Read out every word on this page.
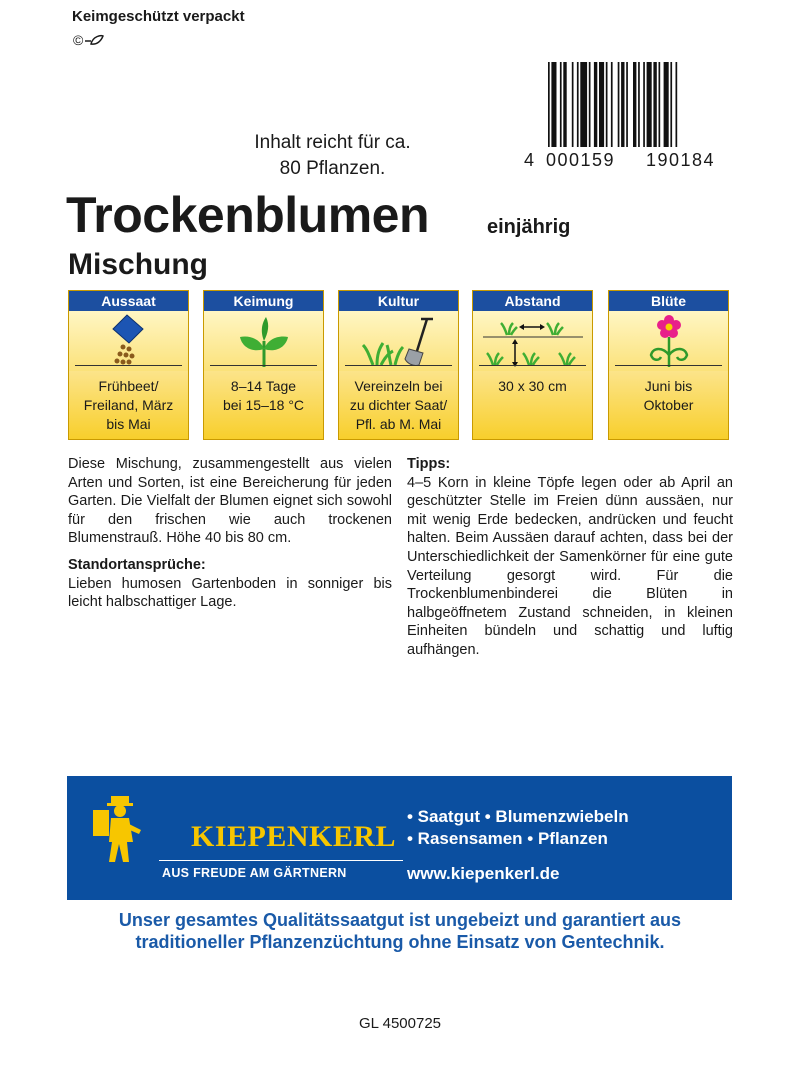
Keimgeschützt verpackt
©
4 000159	190184
Inhalt reicht für ca.
80 Pflanzen.
Trockenblumen	einjährig
Mischung
Aussaat
Frühbeet/
Freiland, März
bis Mai
Keimung
8–14 Tage
bei 15–18 °C
Kultur
Vereinzeln bei
zu dichter Saat/
Pfl. ab M. Mai
Abstand
30 x 30 cm
Blüte
Juni bis
Oktober
Diese Mischung, zusammengestellt aus vielen Arten und Sorten, ist eine Bereicherung für jeden Garten. Die Vielfalt der Blumen eignet sich sowohl für den frischen wie auch trockenen Blumenstrauß. Höhe 40 bis 80 cm.
Standortansprüche:
Lieben humosen Gartenboden in sonniger bis leicht halbschattiger Lage.
Tipps:
4–5 Korn in kleine Töpfe legen oder ab April an geschützter Stelle im Freien dünn aussäen, nur mit wenig Erde bedecken, andrücken und feucht halten. Beim Aussäen darauf achten, dass bei der Unterschiedlichkeit der Samenkörner für eine gute Verteilung gesorgt wird. Für die Trockenblumenbinderei die Blüten in halbgeöffnetem Zustand schneiden, in kleinen Einheiten bündeln und schattig und luftig aufhängen.
KIEPENKERL
AUS FREUDE AM GÄRTNERN
• Saatgut • Blumenzwiebeln
• Rasensamen • Pflanzen
www.kiepenkerl.de
Unser gesamtes Qualitätssaatgut ist ungebeizt und garantiert aus
traditioneller Pflanzenzüchtung ohne Einsatz von Gentechnik.
GL 4500725
